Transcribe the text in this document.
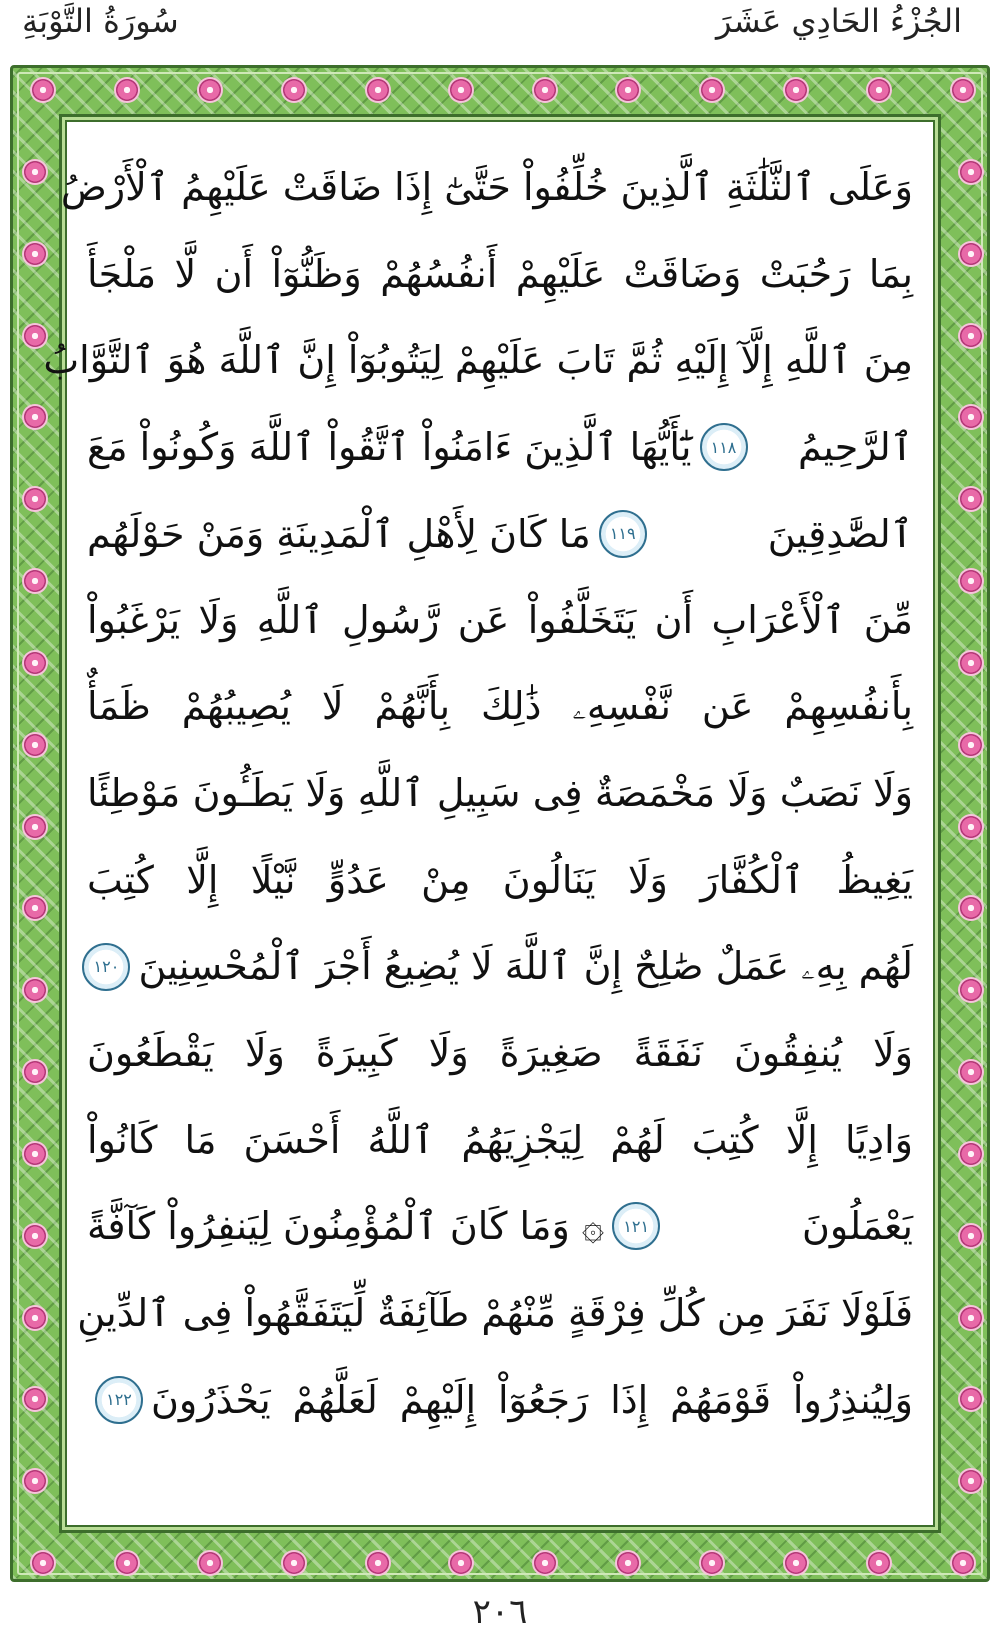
الجُزْءُ الحَادِي عَشَرَ
سُورَةُ التَّوْبَةِ
وَعَلَى ٱلثَّلَٰثَةِ ٱلَّذِينَ خُلِّفُواْ حَتَّىٰٓ إِذَا ضَاقَتْ عَلَيْهِمُ ٱلْأَرْضُ
بِمَا رَحُبَتْ وَضَاقَتْ عَلَيْهِمْ أَنفُسُهُمْ وَظَنُّوٓاْ أَن لَّا مَلْجَأَ
مِنَ ٱللَّهِ إِلَّآ إِلَيْهِ ثُمَّ تَابَ عَلَيْهِمْ لِيَتُوبُوٓاْ إِنَّ ٱللَّهَ هُوَ ٱلتَّوَّابُ
ٱلرَّحِيمُ
١١٨
يَٰٓأَيُّهَا ٱلَّذِينَ ءَامَنُواْ ٱتَّقُواْ ٱللَّهَ وَكُونُواْ مَعَ
ٱلصَّٰدِقِينَ
١١٩
مَا كَانَ لِأَهْلِ ٱلْمَدِينَةِ وَمَنْ حَوْلَهُم
مِّنَ ٱلْأَعْرَابِ أَن يَتَخَلَّفُواْ عَن رَّسُولِ ٱللَّهِ وَلَا يَرْغَبُواْ
بِأَنفُسِهِمْ عَن نَّفْسِهِۦ ذَٰلِكَ بِأَنَّهُمْ لَا يُصِيبُهُمْ ظَمَأٌ
وَلَا نَصَبٌ وَلَا مَخْمَصَةٌ فِى سَبِيلِ ٱللَّهِ وَلَا يَطَـُٔونَ مَوْطِئًا
يَغِيظُ ٱلْكُفَّارَ وَلَا يَنَالُونَ مِنْ عَدُوٍّ نَّيْلًا إِلَّا كُتِبَ
لَهُم بِهِۦ عَمَلٌ صَٰلِحٌ إِنَّ ٱللَّهَ لَا يُضِيعُ أَجْرَ ٱلْمُحْسِنِينَ
١٢٠
وَلَا يُنفِقُونَ نَفَقَةً صَغِيرَةً وَلَا كَبِيرَةً وَلَا يَقْطَعُونَ
وَادِيًا إِلَّا كُتِبَ لَهُمْ لِيَجْزِيَهُمُ ٱللَّهُ أَحْسَنَ مَا كَانُواْ
يَعْمَلُونَ
١٢١
۞ وَمَا كَانَ ٱلْمُؤْمِنُونَ لِيَنفِرُواْ كَآفَّةً
فَلَوْلَا نَفَرَ مِن كُلِّ فِرْقَةٍ مِّنْهُمْ طَآئِفَةٌ لِّيَتَفَقَّهُواْ فِى ٱلدِّينِ
وَلِيُنذِرُواْ قَوْمَهُمْ إِذَا رَجَعُوٓاْ إِلَيْهِمْ لَعَلَّهُمْ يَحْذَرُونَ
١٢٢
٢٠٦
